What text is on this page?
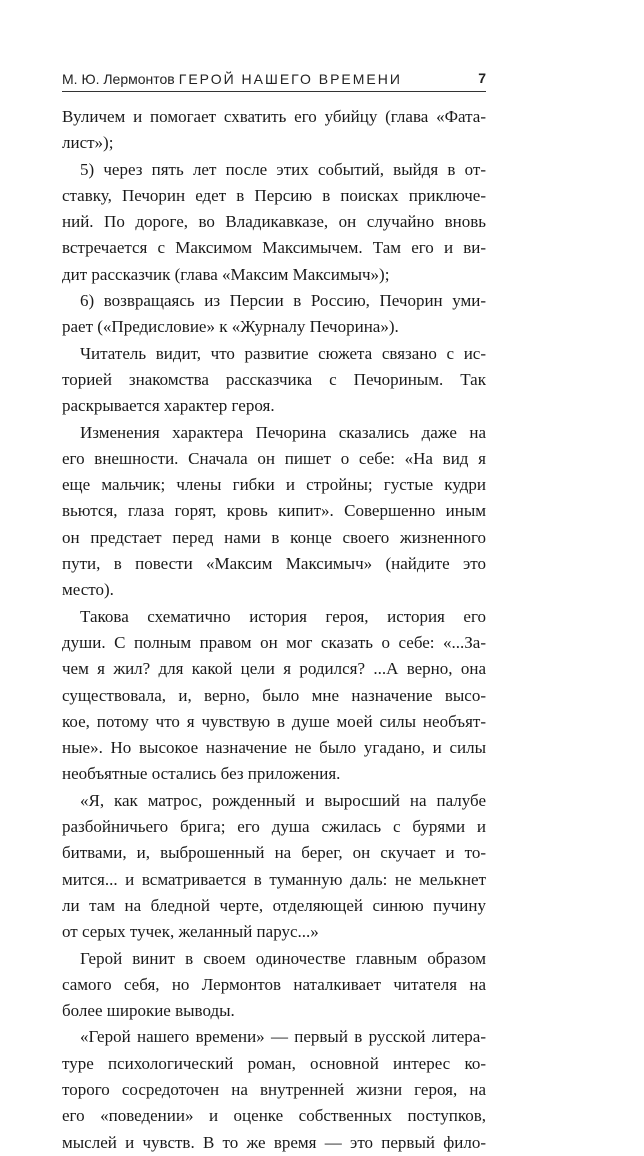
М. Ю. Лермонтов ГЕРОЙ НАШЕГО ВРЕМЕНИ	7
Вуличем и помогает схватить его убийцу (глава «Фата-
лист»);
5) через пять лет после этих событий, выйдя в от-
ставку, Печорин едет в Персию в поисках приключе-
ний. По дороге, во Владикавказе, он случайно вновь
встречается с Максимом Максимычем. Там его и ви-
дит рассказчик (глава «Максим Максимыч»);
6) возвращаясь из Персии в Россию, Печорин уми-
рает («Предисловие» к «Журналу Печорина»).
Читатель видит, что развитие сюжета связано с ис-
торией знакомства рассказчика с Печориным. Так
раскрывается характер героя.
Изменения характера Печорина сказались даже на
его внешности. Сначала он пишет о себе: «На вид я
еще мальчик; члены гибки и стройны; густые кудри
вьются, глаза горят, кровь кипит». Совершенно иным
он предстает перед нами в конце своего жизненного
пути, в повести «Максим Максимыч» (найдите это
место).
Такова схематично история героя, история его
души. С полным правом он мог сказать о себе: «...За-
чем я жил? для какой цели я родился? ...А верно, она
существовала, и, верно, было мне назначение высо-
кое, потому что я чувствую в душе моей силы необъят-
ные». Но высокое назначение не было угадано, и силы
необъятные остались без приложения.
«Я, как матрос, рожденный и выросший на палубе
разбойничьего брига; его душа сжилась с бурями и
битвами, и, выброшенный на берег, он скучает и то-
мится... и всматривается в туманную даль: не мелькнет
ли там на бледной черте, отделяющей синюю пучину
от серых тучек, желанный парус...»
Герой винит в своем одиночестве главным образом
самого себя, но Лермонтов наталкивает читателя на
более широкие выводы.
«Герой нашего времени» — первый в русской литера-
туре психологический роман, основной интерес ко-
торого сосредоточен на внутренней жизни героя, на
его «поведении» и оценке собственных поступков,
мыслей и чувств. В то же время — это первый фило-
